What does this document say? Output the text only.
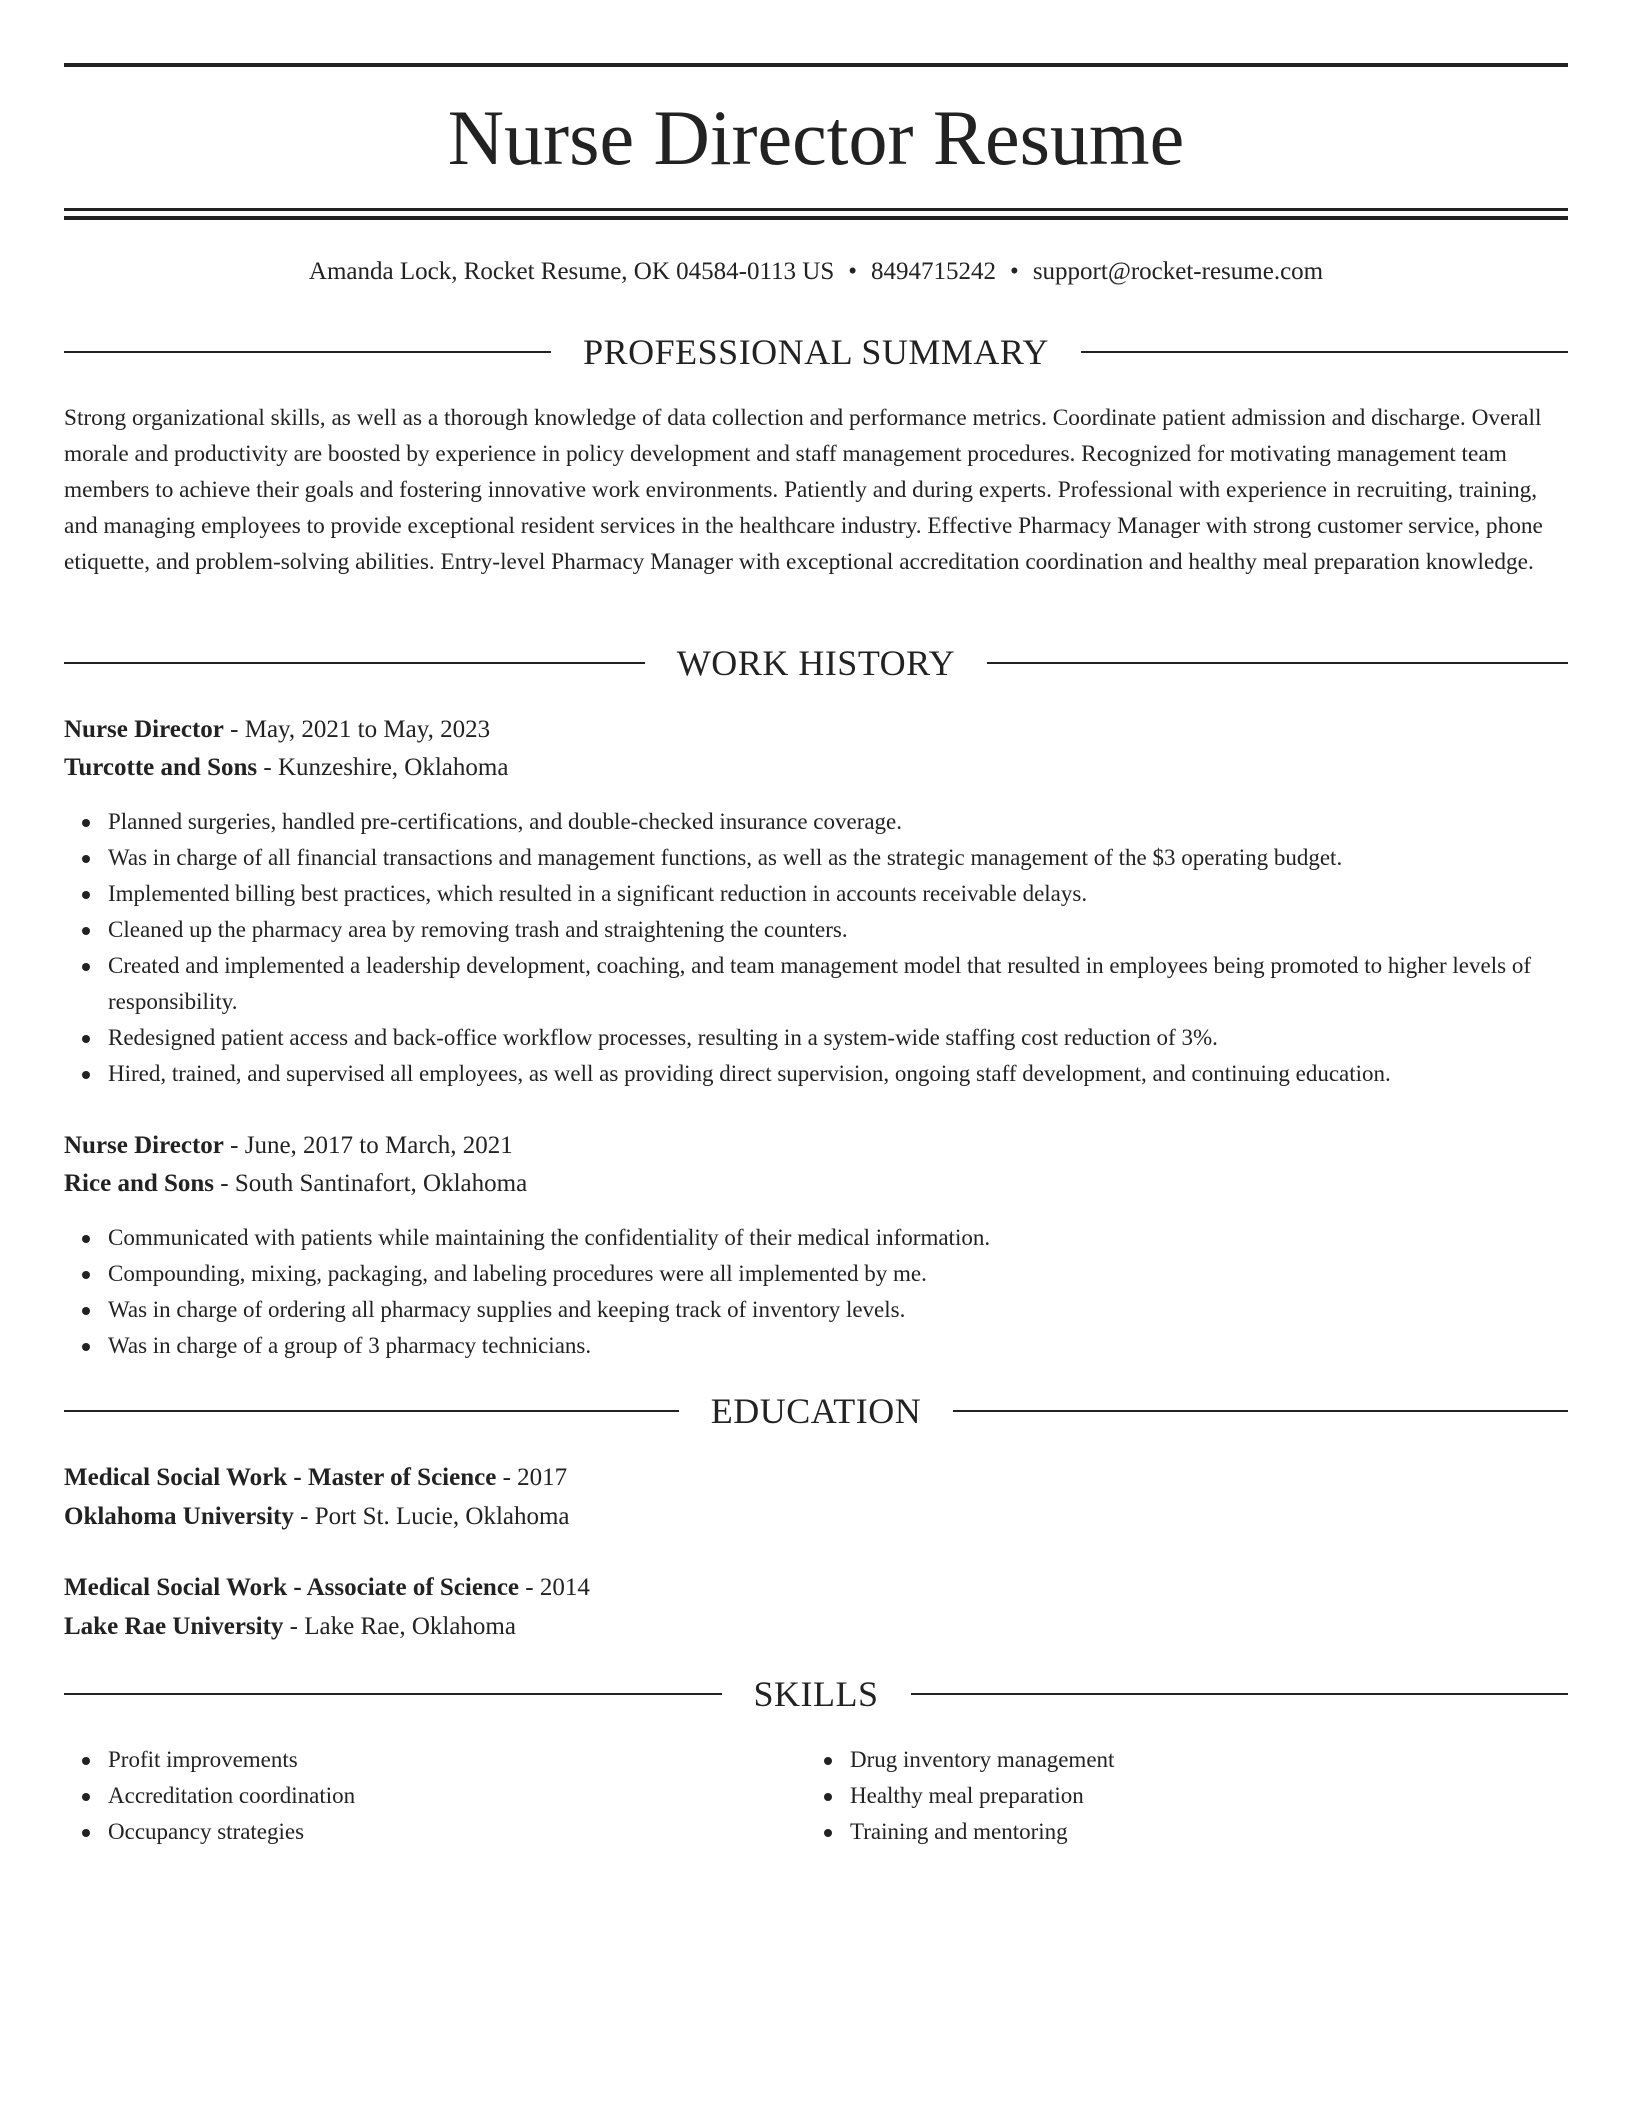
Nurse Director Resume
Amanda Lock, Rocket Resume, OK 04584-0113 US • 8494715242 • support@rocket-resume.com
PROFESSIONAL SUMMARY

Strong organizational skills, as well as a thorough knowledge of data collection and performance metrics. Coordinate patient admission and discharge. Overall morale and productivity are boosted by experience in policy development and staff management procedures. Recognized for motivating management team members to achieve their goals and fostering innovative work environments. Patiently and during experts. Professional with experience in recruiting, training, and managing employees to provide exceptional resident services in the healthcare industry. Effective Pharmacy Manager with strong customer service, phone etiquette, and problem-solving abilities. Entry-level Pharmacy Manager with exceptional accreditation coordination and healthy meal preparation knowledge.

WORK HISTORY
Nurse Director - May, 2021 to May, 2023
Turcotte and Sons - Kunzeshire, Oklahoma
Planned surgeries, handled pre-certifications, and double-checked insurance coverage.
Was in charge of all financial transactions and management functions, as well as the strategic management of the $3 operating budget.
Implemented billing best practices, which resulted in a significant reduction in accounts receivable delays.
Cleaned up the pharmacy area by removing trash and straightening the counters.
Created and implemented a leadership development, coaching, and team management model that resulted in employees being promoted to higher levels of responsibility.
Redesigned patient access and back-office workflow processes, resulting in a system-wide staffing cost reduction of 3%.
Hired, trained, and supervised all employees, as well as providing direct supervision, ongoing staff development, and continuing education.
Nurse Director - June, 2017 to March, 2021
Rice and Sons - South Santinafort, Oklahoma
Communicated with patients while maintaining the confidentiality of their medical information.
Compounding, mixing, packaging, and labeling procedures were all implemented by me.
Was in charge of ordering all pharmacy supplies and keeping track of inventory levels.
Was in charge of a group of 3 pharmacy technicians.
EDUCATION
Medical Social Work - Master of Science - 2017
Oklahoma University - Port St. Lucie, Oklahoma
Medical Social Work - Associate of Science - 2014
Lake Rae University - Lake Rae, Oklahoma
SKILLS
Profit improvements
Accreditation coordination
Occupancy strategies
Drug inventory management
Healthy meal preparation
Training and mentoring
